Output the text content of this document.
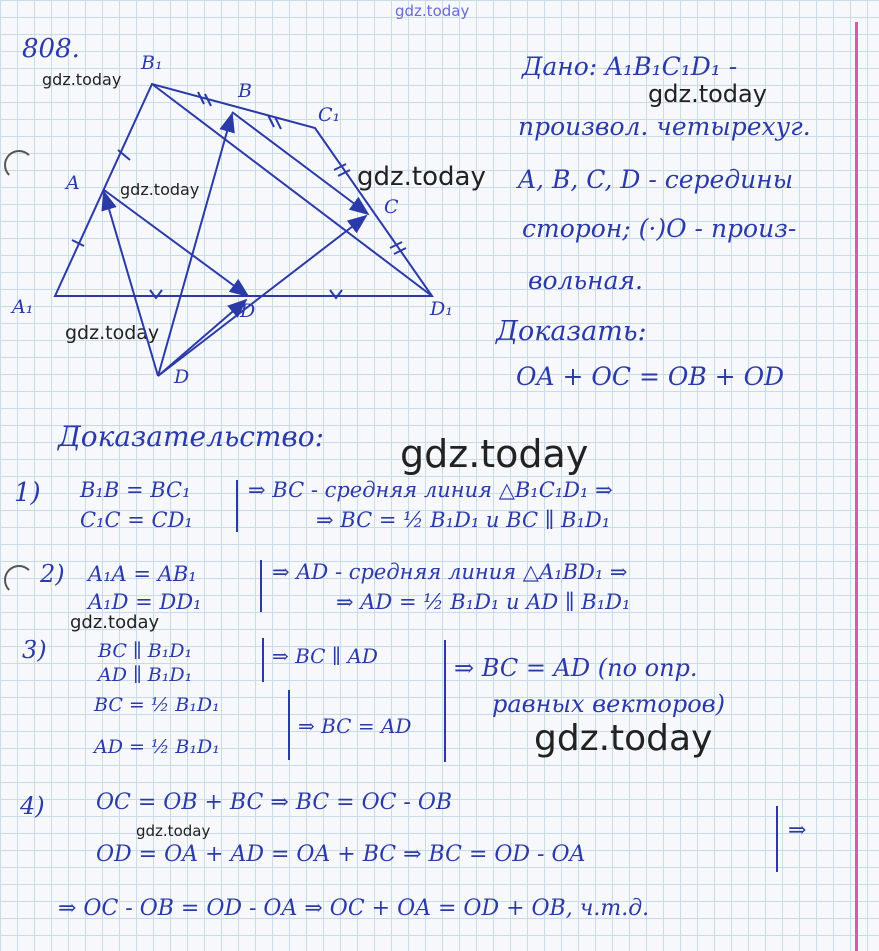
gdz.today
gdz.today
gdz.today
gdz.today	gdz.today
gdz.today
gdz.today
gdz.today
gdz.today
gdz.today
808.	B₁
B
C₁
A
C
A₁	D₁
D
D
Дано: A₁B₁C₁D₁ -
произвол. четырехуг.
A, B, C, D - середины
сторон; (·)O - произ-
вольная.
Доказать:
OA + OC = OB + OD
Доказательство:
1) B₁B = BC₁
C₁C = CD₁
⇒ BC - средняя линия △B₁C₁D₁ ⇒
⇒ BC = ½ B₁D₁ и BC ∥ B₁D₁
2) A₁A = AB₁
A₁D = DD₁
⇒ AD - средняя линия △A₁BD₁ ⇒
⇒ AD = ½ B₁D₁ и AD ∥ B₁D₁
3)	BC ∥ B₁D₁
AD ∥ B₁D₁
BC = ½ B₁D₁
AD = ½ B₁D₁
⇒ BC ∥ AD
⇒ BC = AD
⇒ BC = AD (по опр.
равных векторов)
4) OC = OB + BC ⇒ BC = OC - OB
OD = OA + AD = OA + BC ⇒ BC = OD - OA
⇒
⇒ OC - OB = OD - OA ⇒ OC + OA = OD + OB, ч.т.д.
